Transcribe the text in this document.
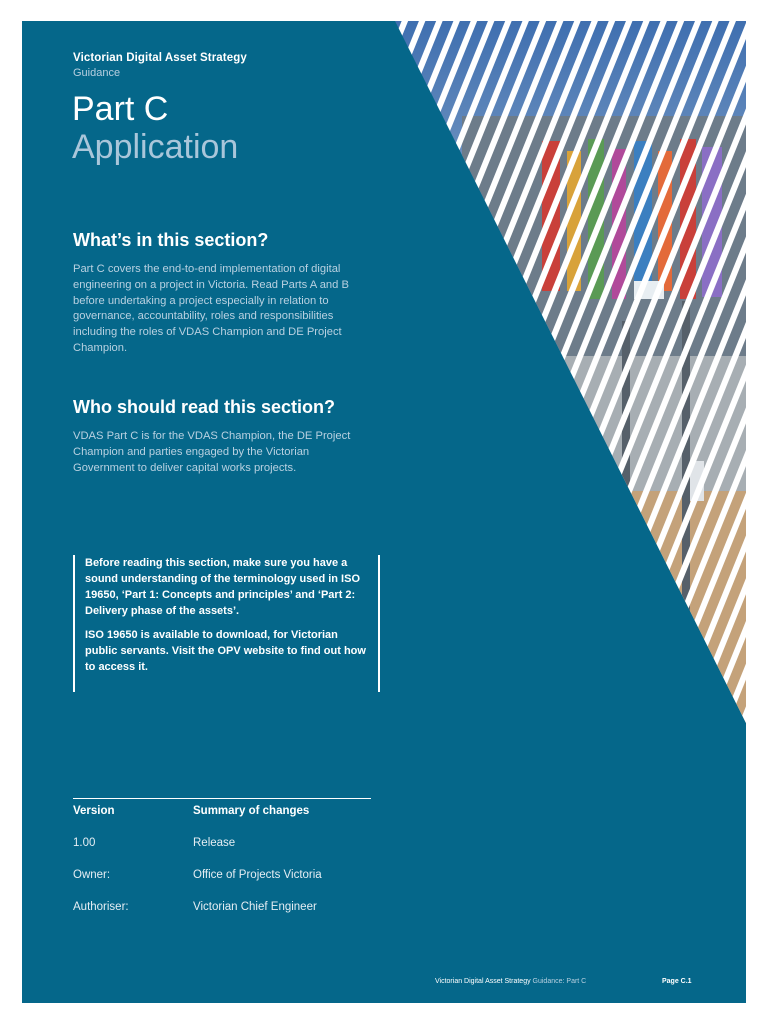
Victorian Digital Asset Strategy
Guidance
Part C
Application
What’s in this section?
Part C covers the end-to-end implementation of digital engineering on a project in Victoria. Read Parts A and B before undertaking a project especially in relation to governance, accountability, roles and responsibilities including the roles of VDAS Champion and DE Project Champion.
Who should read this section?
VDAS Part C is for the VDAS Champion, the DE Project Champion and parties engaged by the Victorian Government to deliver capital works projects.

Before reading this section, make sure you have a sound understanding of the terminology used in ISO 19650, ‘Part 1: Concepts and principles’ and ‘Part 2: Delivery phase of the assets’.

ISO 19650 is available to download, for Victorian public servants. Visit the OPV website to find out how to access it.

Version	Summary of changes
1.00	Release
Owner:	Office of Projects Victoria
Authoriser:	Victorian Chief Engineer
Victorian Digital Asset Strategy Guidance: Part C	Page C.1
